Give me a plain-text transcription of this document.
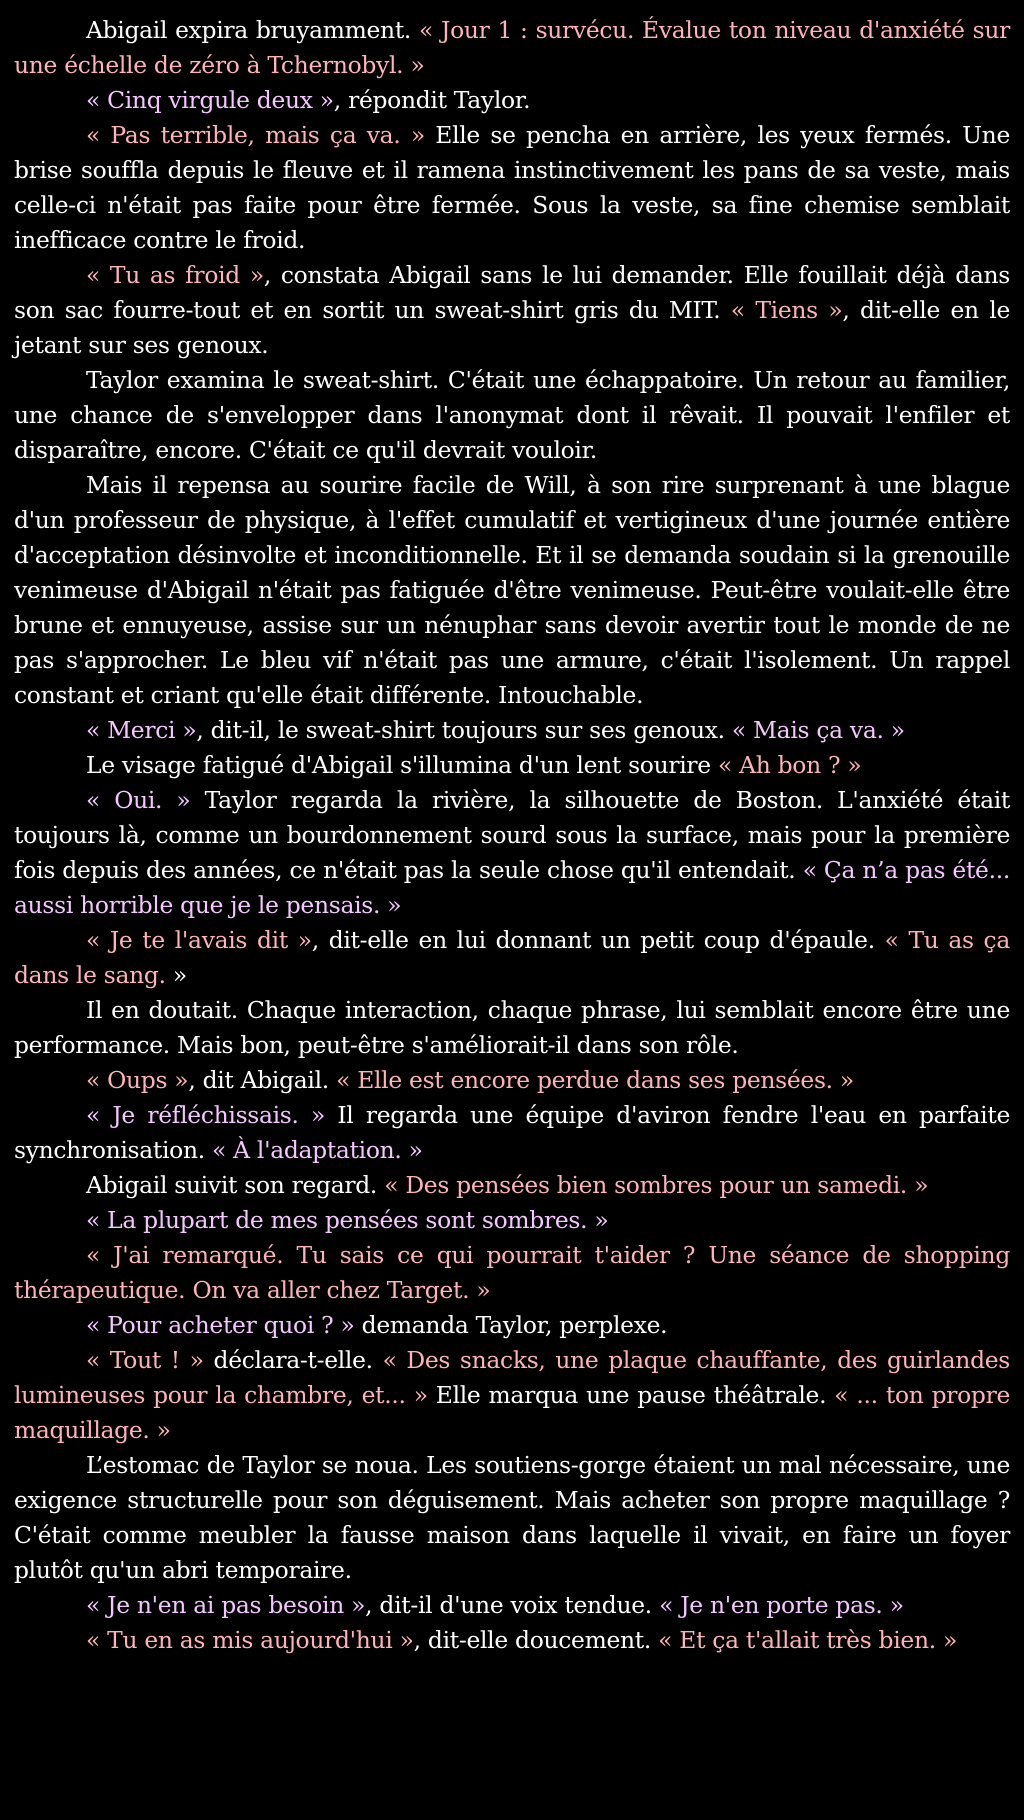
Abigail expira bruyamment. « Jour 1 : survécu. Évalue ton niveau d'anxiété sur une échelle de zéro à Tchernobyl. »

« Cinq virgule deux », répondit Taylor.

« Pas terrible, mais ça va. » Elle se pencha en arrière, les yeux fermés. Une brise souffla depuis le fleuve et il ramena instinctivement les pans de sa veste, mais celle-ci n'était pas faite pour être fermée. Sous la veste, sa fine chemise semblait inefficace contre le froid.

« Tu as froid », constata Abigail sans le lui demander. Elle fouillait déjà dans son sac fourre-tout et en sortit un sweat-shirt gris du MIT. « Tiens », dit-elle en le jetant sur ses genoux.

Taylor examina le sweat-shirt. C'était une échappatoire. Un retour au familier, une chance de s'envelopper dans l'anonymat dont il rêvait. Il pouvait l'enfiler et disparaître, encore. C'était ce qu'il devrait vouloir.

Mais il repensa au sourire facile de Will, à son rire surprenant à une blague d'un professeur de physique, à l'effet cumulatif et vertigineux d'une journée entière d'acceptation désinvolte et inconditionnelle. Et il se demanda soudain si la grenouille venimeuse d'Abigail n'était pas fatiguée d'être venimeuse. Peut-être voulait-elle être brune et ennuyeuse, assise sur un nénuphar sans devoir avertir tout le monde de ne pas s'approcher. Le bleu vif n'était pas une armure, c'était l'isolement. Un rappel constant et criant qu'elle était différente. Intouchable.

« Merci », dit-il, le sweat-shirt toujours sur ses genoux. « Mais ça va. »

Le visage fatigué d'Abigail s'illumina d'un lent sourire « Ah bon ? »

« Oui. » Taylor regarda la rivière, la silhouette de Boston. L'anxiété était toujours là, comme un bourdonnement sourd sous la surface, mais pour la première fois depuis des années, ce n'était pas la seule chose qu'il entendait. « Ça n’a pas été... aussi horrible que je le pensais. »

« Je te l'avais dit », dit-elle en lui donnant un petit coup d'épaule. « Tu as ça dans le sang. »

Il en doutait. Chaque interaction, chaque phrase, lui semblait encore être une performance. Mais bon, peut-être s'améliorait-il dans son rôle.

« Oups », dit Abigail. « Elle est encore perdue dans ses pensées. »

« Je réfléchissais. » Il regarda une équipe d'aviron fendre l'eau en parfaite synchronisation. « À l'adaptation. »

Abigail suivit son regard. « Des pensées bien sombres pour un samedi. »

« La plupart de mes pensées sont sombres. »

« J'ai remarqué. Tu sais ce qui pourrait t'aider ? Une séance de shopping thérapeutique. On va aller chez Target. »

« Pour acheter quoi ? » demanda Taylor, perplexe.

« Tout ! » déclara-t-elle. « Des snacks, une plaque chauffante, des guirlandes lumineuses pour la chambre, et... » Elle marqua une pause théâtrale. « ... ton propre maquillage. »

L’estomac de Taylor se noua. Les soutiens-gorge étaient un mal nécessaire, une exigence structurelle pour son déguisement. Mais acheter son propre maquillage ? C'était comme meubler la fausse maison dans laquelle il vivait, en faire un foyer plutôt qu'un abri temporaire.

« Je n'en ai pas besoin », dit-il d'une voix tendue. « Je n'en porte pas. »

« Tu en as mis aujourd'hui », dit-elle doucement. « Et ça t'allait très bien. »
